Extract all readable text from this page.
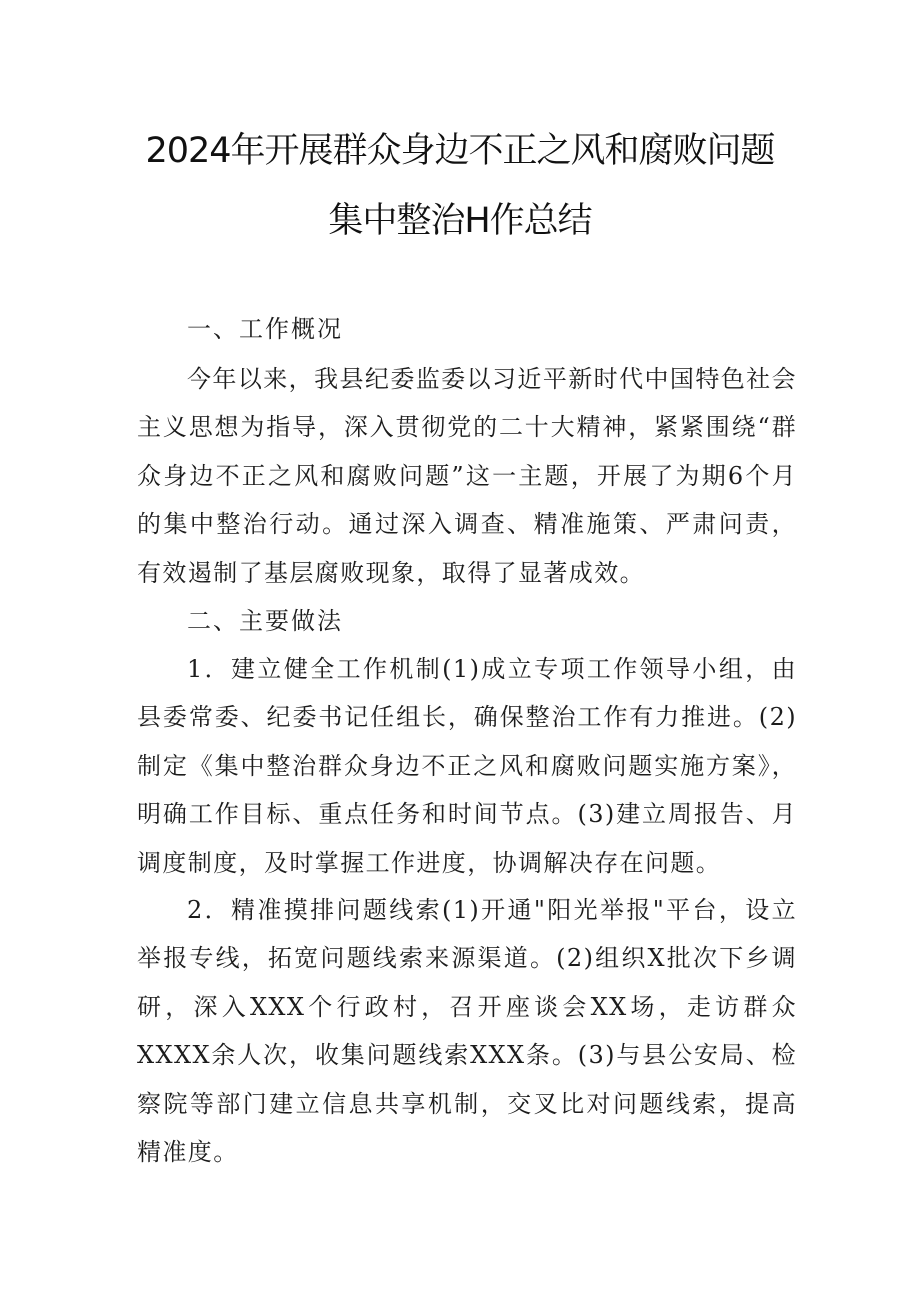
2024年开展群众身边不正之风和腐败问题
集中整治H作总结
一、工作概况

今年以来，我县纪委监委以习近平新时代中国特色社会主义思想为指导，深入贯彻党的二十大精神，紧紧围绕“群众身边不正之风和腐败问题”这一主题，开展了为期6个月的集中整治行动。通过深入调查、精准施策、严肃问责，有效遏制了基层腐败现象，取得了显著成效。

二、主要做法

1．建立健全工作机制(1)成立专项工作领导小组，由县委常委、纪委书记任组长，确保整治工作有力推进。(2)制定《集中整治群众身边不正之风和腐败问题实施方案》，明确工作目标、重点任务和时间节点。(3)建立周报告、月调度制度，及时掌握工作进度，协调解决存在问题。

2．精准摸排问题线索(1)开通"阳光举报"平台，设立举报专线，拓宽问题线索来源渠道。(2)组织X批次下乡调研，深入XXX个行政村，召开座谈会XX场，走访群众XXXX余人次，收集问题线索XXX条。(3)与县公安局、检察院等部门建立信息共享机制，交叉比对问题线索，提高精准度。
